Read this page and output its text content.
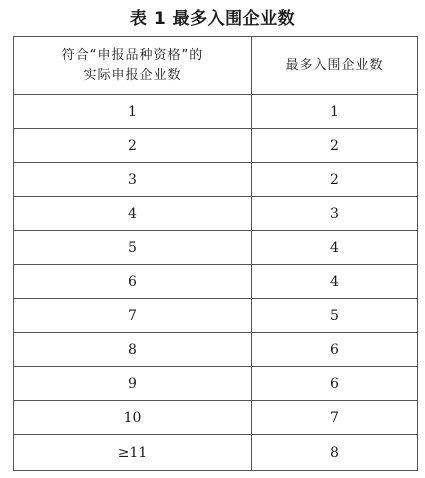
表 1 最多入围企业数
符合“申报品种资格”的
实际申报企业数	最多入围企业数
1	1
2	2
3	2
4	3
5	4
6	4
7	5
8	6
9	6
10	7
≥11	8
